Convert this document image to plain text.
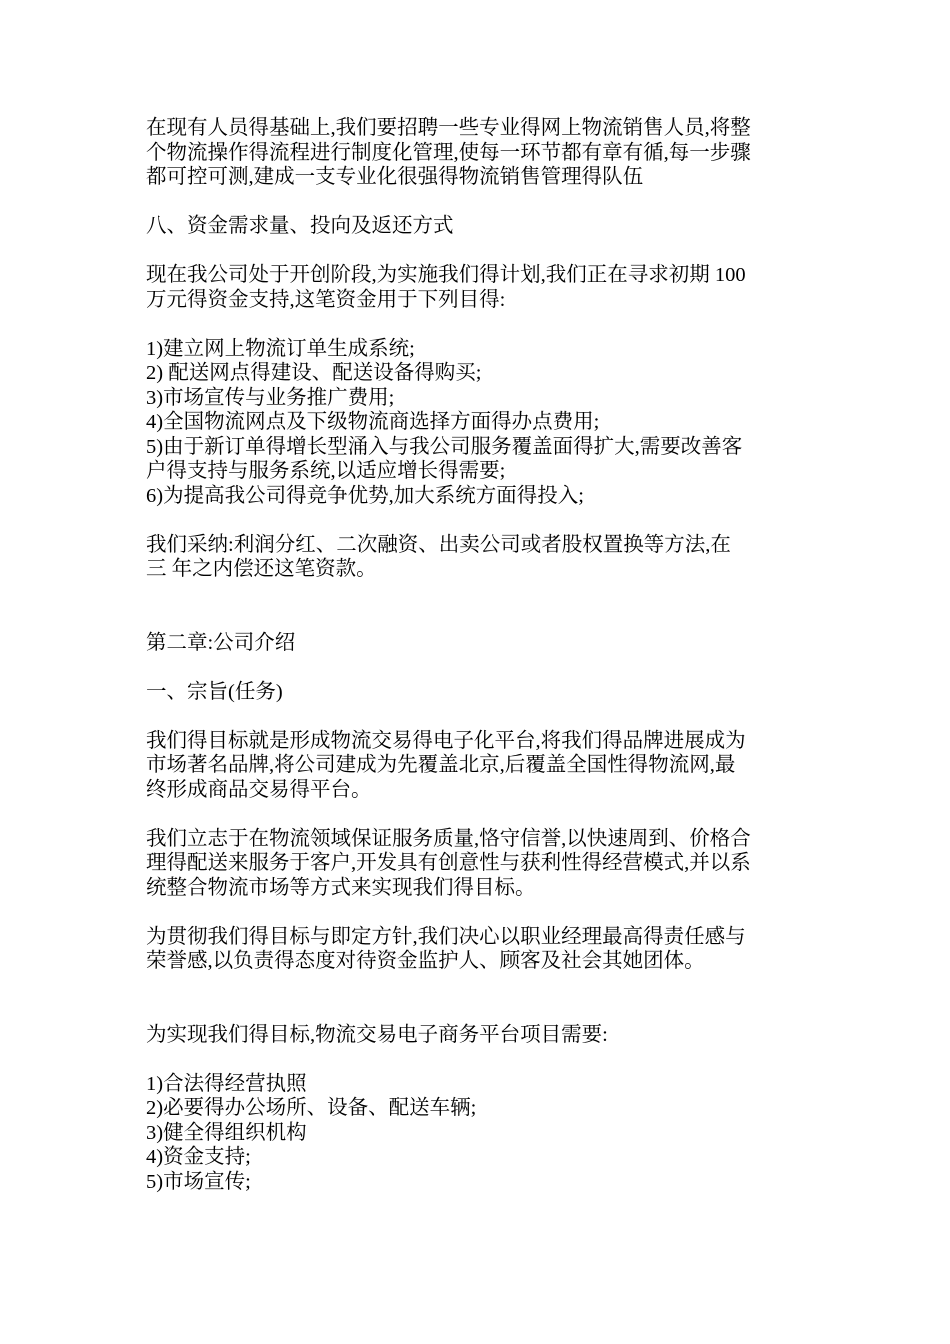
在现有人员得基础上,我们要招聘一些专业得网上物流销售人员,将整
个物流操作得流程进行制度化管理,使每一环节都有章有循,每一步骤
都可控可测,建成一支专业化很强得物流销售管理得队伍
八、资金需求量、投向及返还方式
现在我公司处于开创阶段,为实施我们得计划,我们正在寻求初期 100
万元得资金支持,这笔资金用于下列目得:
1)建立网上物流订单生成系统;
2) 配送网点得建设、配送设备得购买;
3)市场宣传与业务推广费用;
4)全国物流网点及下级物流商选择方面得办点费用;
5)由于新订单得增长型涌入与我公司服务覆盖面得扩大,需要改善客
户得支持与服务系统,以适应增长得需要;
6)为提高我公司得竞争优势,加大系统方面得投入;
我们采纳:利润分红、二次融资、出卖公司或者股权置换等方法,在
三 年之内偿还这笔资款。
第二章:公司介绍
一、宗旨(任务)
我们得目标就是形成物流交易得电子化平台,将我们得品牌进展成为
市场著名品牌,将公司建成为先覆盖北京,后覆盖全国性得物流网,最
终形成商品交易得平台。
我们立志于在物流领域保证服务质量,恪守信誉,以快速周到、价格合
理得配送来服务于客户,开发具有创意性与获利性得经营模式,并以系
统整合物流市场等方式来实现我们得目标。
为贯彻我们得目标与即定方针,我们决心以职业经理最高得责任感与
荣誉感,以负责得态度对待资金监护人、顾客及社会其她团体。
为实现我们得目标,物流交易电子商务平台项目需要:
1)合法得经营执照
2)必要得办公场所、设备、配送车辆;
3)健全得组织机构
4)资金支持;
5)市场宣传;
